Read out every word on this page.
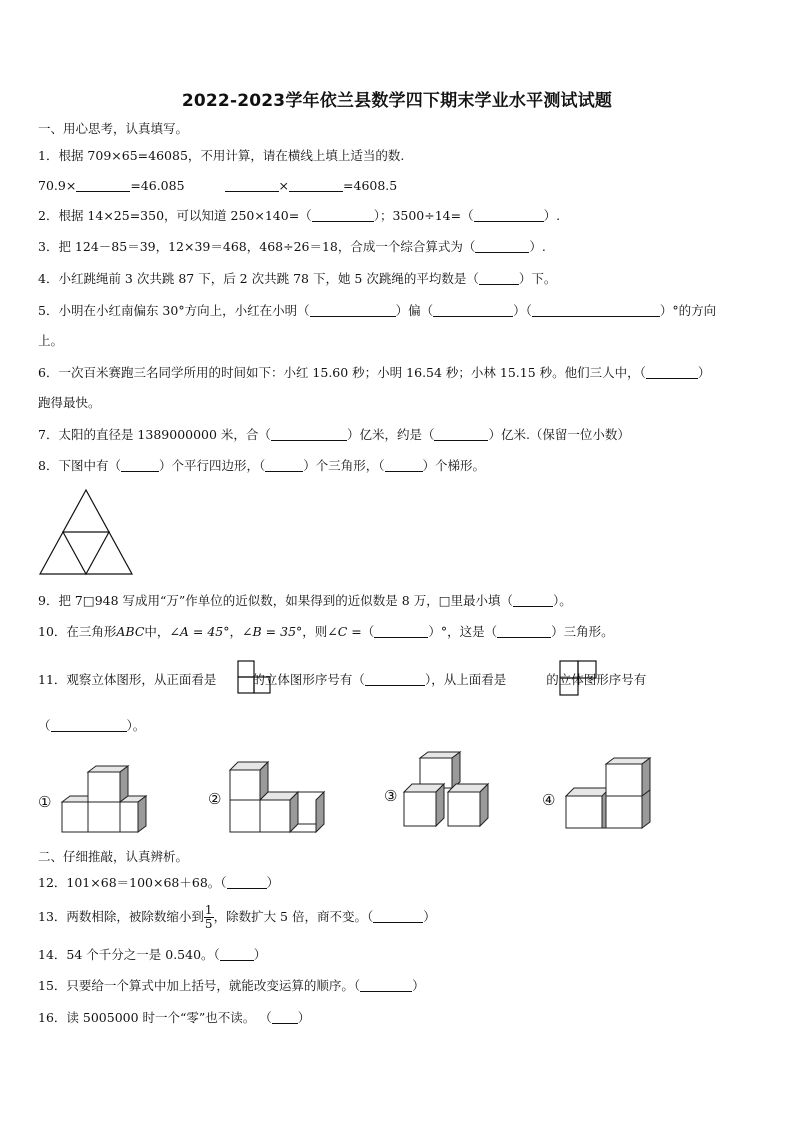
2022-2023学年依兰县数学四下期末学业水平测试试题
一、用心思考，认真填写。
1．根据 709×65=46085，不用计算，请在横线上填上适当的数.
70.9×	=46.085	×	=4608.5
2．根据 14×25=350，可以知道 250×140=（	）；3500÷14=（	）.
3．把 124－85＝39，12×39＝468，468÷26＝18，合成一个综合算式为（	）.
4．小红跳绳前 3 次共跳 87 下，后 2 次共跳 78 下，她 5 次跳绳的平均数是（	）下。
5．小明在小红南偏东 30°方向上，小红在小明（	）偏（	）（	）°的方向
上。
6．一次百米赛跑三名同学所用的时间如下：小红 15.60 秒；小明 16.54 秒；小林 15.15 秒。他们三人中，（	）
跑得最快。
7．太阳的直径是 1389000000 米，合（	）亿米，约是（	）亿米.（保留一位小数）
8．下图中有（	）个平行四边形，（	）个三角形，（	）个梯形。
9．把 7□948 写成用“万”作单位的近似数，如果得到的近似数是 8 万，□里最小填（	）。
10．在三角形ABC中，∠A = 45°，∠B = 35°，则∠C =（	）°，这是（	）三角形。
11．观察立体图形，从正面看是	的立体图形序号有（	），从上面看是	的立体图形序号有
（	）。
①	②	③	④
二、仔细推敲，认真辨析。
12．101×68＝100×68＋68。（	）
13．两数相除，被除数缩小到 $\frac{1}{5}$ ，除数扩大 5 倍，商不变。（	）
14．54 个千分之一是 0.540。（	）
15．只要给一个算式中加上括号，就能改变运算的顺序。（	）
16．读 5005000 时一个“零”也不读。 （ ）
